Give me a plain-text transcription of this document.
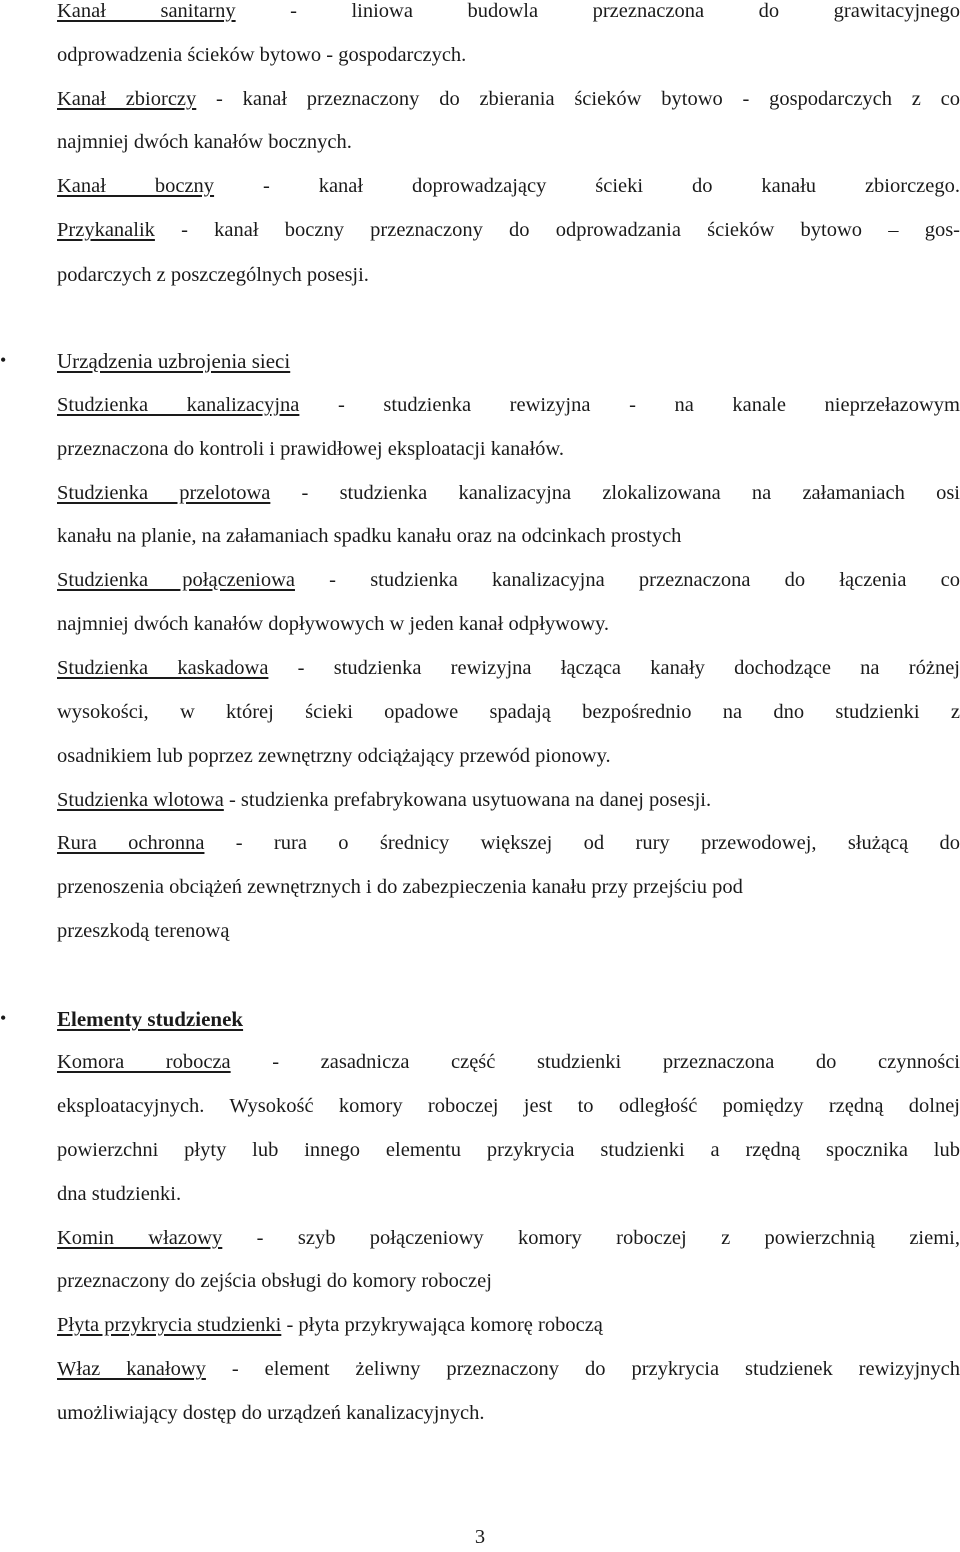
Kanał sanitarny - liniowa budowla przeznaczona do grawitacyjnego
odprowadzenia ścieków bytowo - gospodarczych.
Kanał zbiorczy - kanał przeznaczony do zbierania ścieków bytowo - gospodarczych z co
najmniej dwóch kanałów bocznych.
Kanał boczny - kanał doprowadzający ścieki do kanału zbiorczego.
Przykanalik - kanał boczny przeznaczony do odprowadzania ścieków bytowo – gos-
podarczych z poszczególnych posesji.
•	Urządzenia uzbrojenia sieci
Studzienka kanalizacyjna - studzienka rewizyjna - na kanale nieprzełazowym
przeznaczona do kontroli i prawidłowej eksploatacji kanałów.
Studzienka przelotowa - studzienka kanalizacyjna zlokalizowana na załamaniach osi
kanału na planie, na załamaniach spadku kanału oraz na odcinkach prostych
Studzienka połączeniowa - studzienka kanalizacyjna przeznaczona do łączenia co
najmniej dwóch kanałów dopływowych w jeden kanał odpływowy.
Studzienka kaskadowa - studzienka rewizyjna łącząca kanały dochodzące na różnej
wysokości, w której ścieki opadowe spadają bezpośrednio na dno studzienki z
osadnikiem lub poprzez zewnętrzny odciążający przewód pionowy.
Studzienka wlotowa - studzienka prefabrykowana usytuowana na danej posesji.
Rura ochronna - rura o średnicy większej od rury przewodowej, służącą do
przenoszenia obciążeń zewnętrznych i do zabezpieczenia kanału przy przejściu pod
przeszkodą terenową
•	Elementy studzienek
Komora robocza - zasadnicza część studzienki przeznaczona do czynności
eksploatacyjnych. Wysokość komory roboczej jest to odległość pomiędzy rzędną dolnej
powierzchni płyty lub innego elementu przykrycia studzienki a rzędną spocznika lub
dna studzienki.
Komin włazowy - szyb połączeniowy komory roboczej z powierzchnią ziemi,
przeznaczony do zejścia obsługi do komory roboczej
Płyta przykrycia studzienki - płyta przykrywająca komorę roboczą
Właz kanałowy - element żeliwny przeznaczony do przykrycia studzienek rewizyjnych
umożliwiający dostęp do urządzeń kanalizacyjnych.
3
